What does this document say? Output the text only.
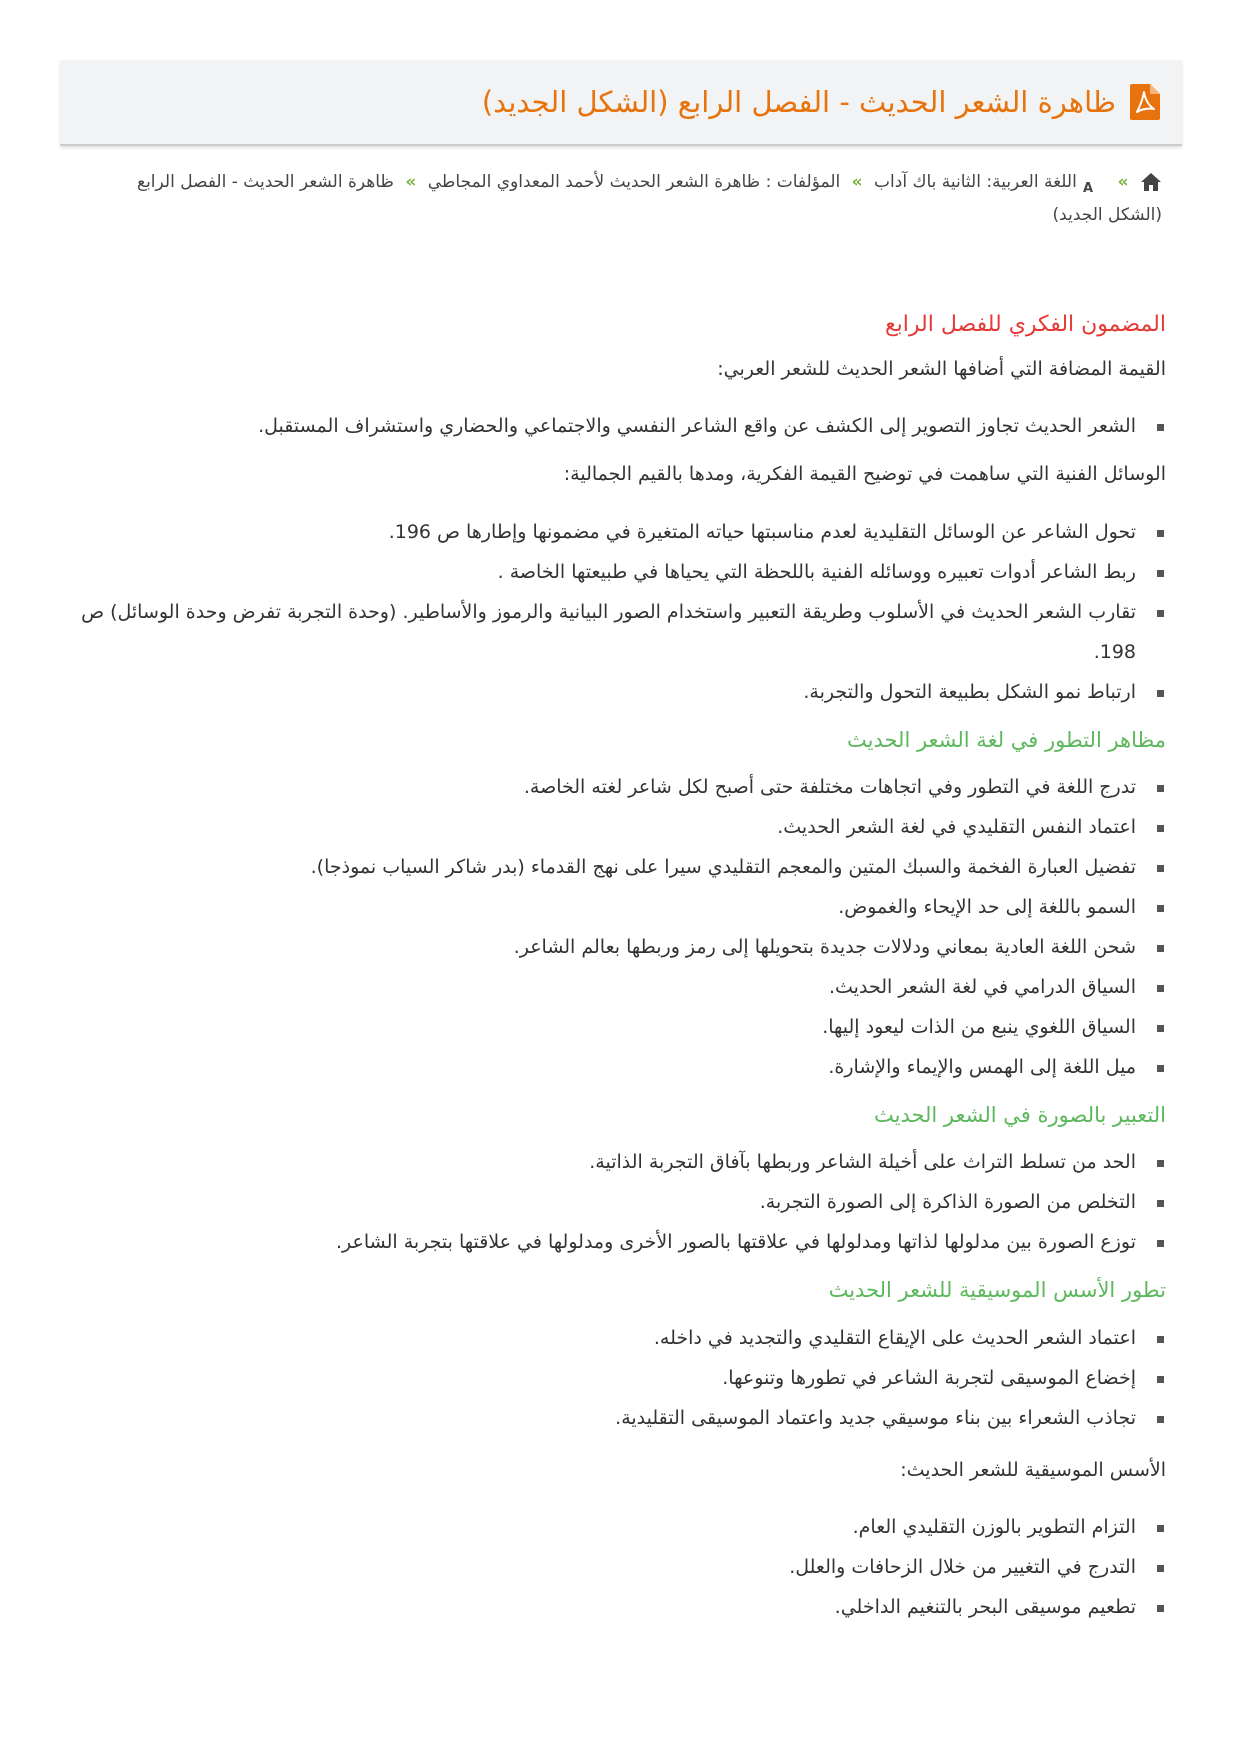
ظاهرة الشعر الحديث - الفصل الرابع (الشكل الجديد)
»
A
اللغة العربية: الثانية باك آداب » المؤلفات : ظاهرة الشعر الحديث لأحمد المعداوي المجاطي » ظاهرة الشعر الحديث - الفصل الرابع (الشكل الجديد)
المضمون الفكري للفصل الرابع

القيمة المضافة التي أضافها الشعر الحديث للشعر العربي:

الشعر الحديث تجاوز التصوير إلى الكشف عن واقع الشاعر النفسي والاجتماعي والحضاري واستشراف المستقبل.

الوسائل الفنية التي ساهمت في توضيح القيمة الفكرية، ومدها بالقيم الجمالية:

تحول الشاعر عن الوسائل التقليدية لعدم مناسبتها حياته المتغيرة في مضمونها وإطارها ص 196.
ربط الشاعر أدوات تعبيره ووسائله الفنية باللحظة التي يحياها في طبيعتها الخاصة .
تقارب الشعر الحديث في الأسلوب وطريقة التعبير واستخدام الصور البيانية والرموز والأساطير. (وحدة التجربة تفرض وحدة الوسائل) ص 198.
ارتباط نمو الشكل بطبيعة التحول والتجربة.
مظاهر التطور في لغة الشعر الحديث
تدرج اللغة في التطور وفي اتجاهات مختلفة حتى أصبح لكل شاعر لغته الخاصة.
اعتماد النفس التقليدي في لغة الشعر الحديث.
تفضيل العبارة الفخمة والسبك المتين والمعجم التقليدي سيرا على نهج القدماء (بدر شاكر السياب نموذجا).
السمو باللغة إلى حد الإيحاء والغموض.
شحن اللغة العادية بمعاني ودلالات جديدة بتحويلها إلى رمز وربطها بعالم الشاعر.
السياق الدرامي في لغة الشعر الحديث.
السياق اللغوي ينبع من الذات ليعود إليها.
ميل اللغة إلى الهمس والإيماء والإشارة.
التعبير بالصورة في الشعر الحديث
الحد من تسلط التراث على أخيلة الشاعر وربطها بآفاق التجربة الذاتية.
التخلص من الصورة الذاكرة إلى الصورة التجربة.
توزع الصورة بين مدلولها لذاتها ومدلولها في علاقتها بالصور الأخرى ومدلولها في علاقتها بتجربة الشاعر.
تطور الأسس الموسيقية للشعر الحديث
اعتماد الشعر الحديث على الإيقاع التقليدي والتجديد في داخله.
إخضاع الموسيقى لتجربة الشاعر في تطورها وتنوعها.
تجاذب الشعراء بين بناء موسيقي جديد واعتماد الموسيقى التقليدية.

الأسس الموسيقية للشعر الحديث:

التزام التطوير بالوزن التقليدي العام.
التدرج في التغيير من خلال الزحافات والعلل.
تطعيم موسيقى البحر بالتنغيم الداخلي.
